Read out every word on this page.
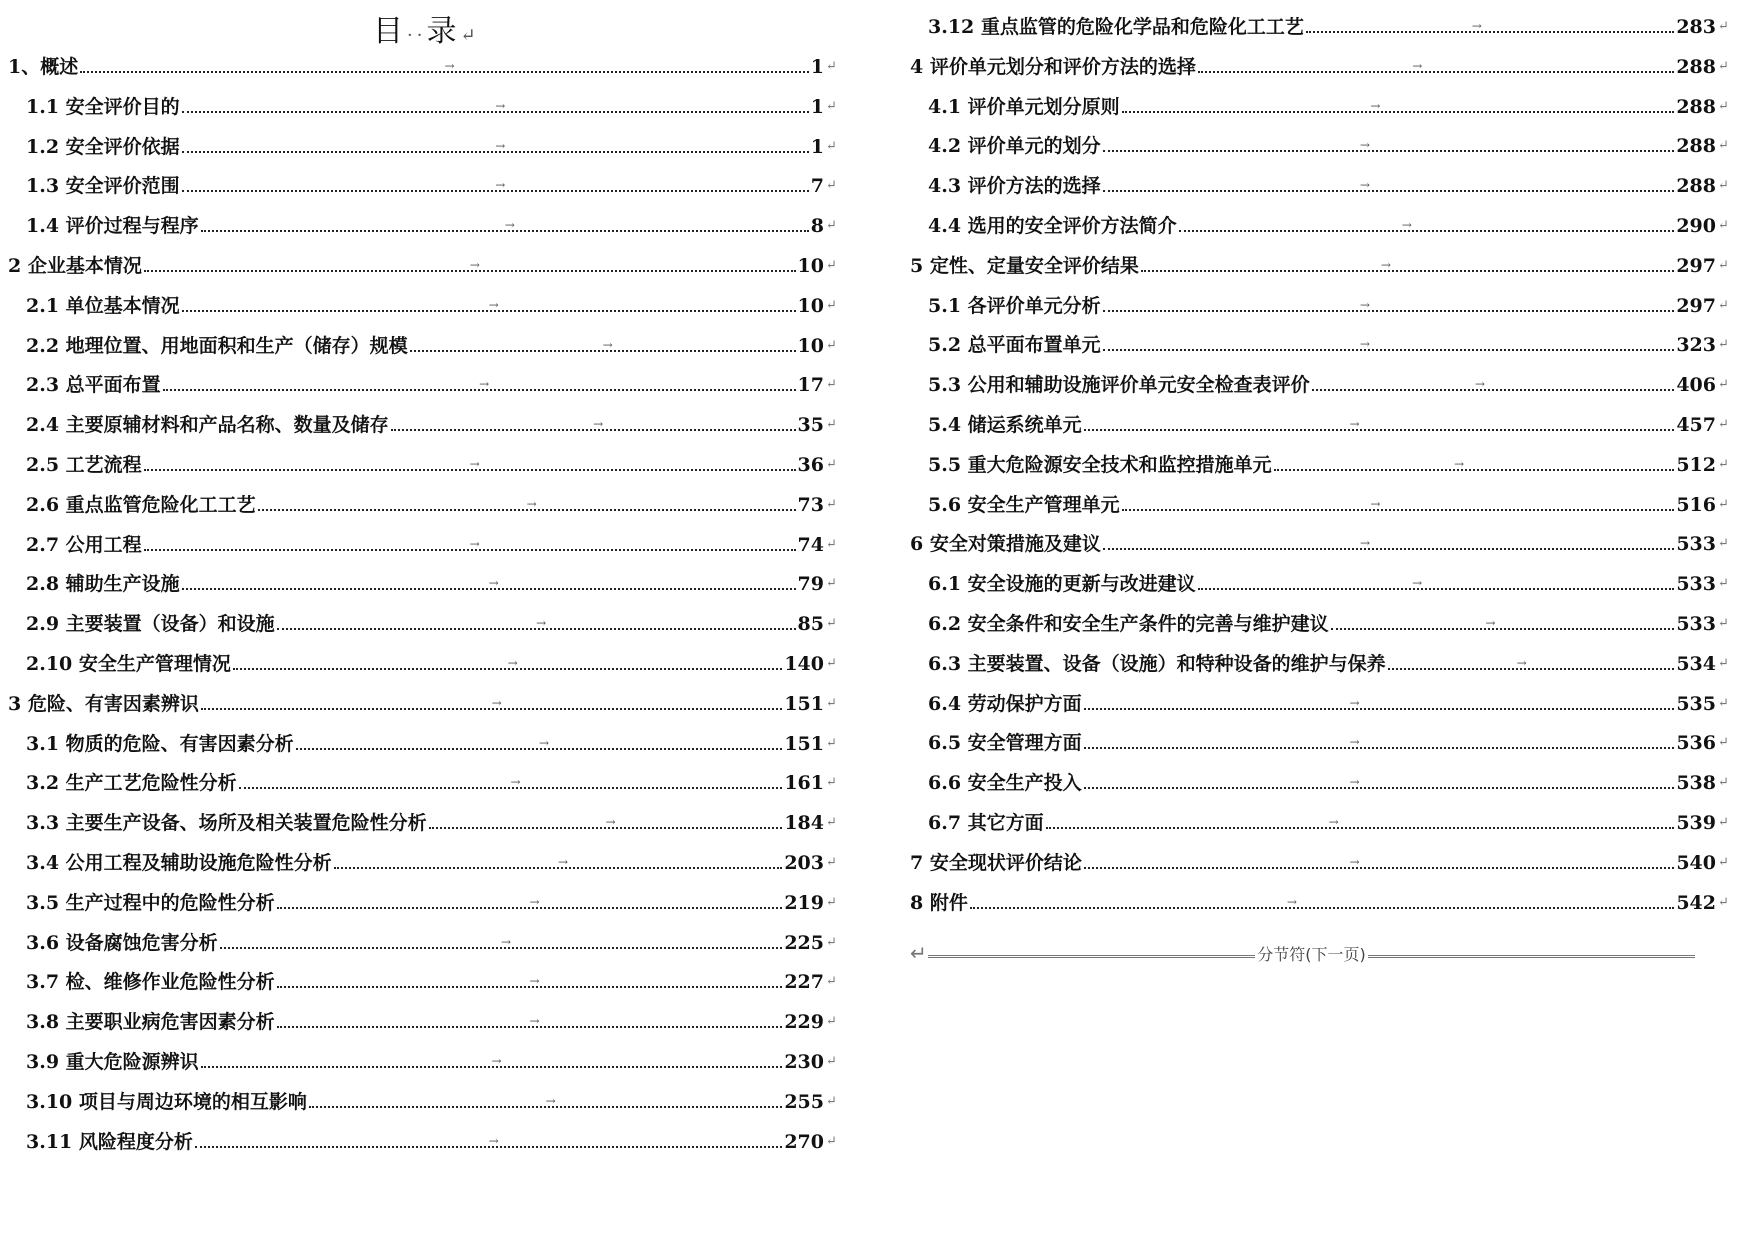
目··录↵
1、概述	→	1 ↵
1.1 安全评价目的	→	1 ↵
1.2 安全评价依据	→	1 ↵
1.3 安全评价范围	→	7 ↵
1.4 评价过程与程序	→	8 ↵
2 企业基本情况	→	10 ↵
2.1 单位基本情况	→	10 ↵
2.2 地理位置、用地面积和生产（储存）规模	→	10 ↵
2.3 总平面布置	→	17 ↵
2.4 主要原辅材料和产品名称、数量及储存	→	35 ↵
2.5 工艺流程	→	36 ↵
2.6 重点监管危险化工工艺	→	73 ↵
2.7 公用工程	→	74 ↵
2.8 辅助生产设施	→	79 ↵
2.9 主要装置（设备）和设施	→	85 ↵
2.10 安全生产管理情况	→	140 ↵
3 危险、有害因素辨识	→	151 ↵
3.1 物质的危险、有害因素分析	→	151 ↵
3.2 生产工艺危险性分析	→	161 ↵
3.3 主要生产设备、场所及相关装置危险性分析	→	184 ↵
3.4 公用工程及辅助设施危险性分析	→	203 ↵
3.5 生产过程中的危险性分析	→	219 ↵
3.6 设备腐蚀危害分析	→	225 ↵
3.7 检、维修作业危险性分析	→	227 ↵
3.8 主要职业病危害因素分析	→	229 ↵
3.9 重大危险源辨识	→	230 ↵
3.10 项目与周边环境的相互影响	→	255 ↵
3.11 风险程度分析	→	270 ↵
3.12 重点监管的危险化学品和危险化工工艺	→	283 ↵
4 评价单元划分和评价方法的选择	→	288 ↵
4.1 评价单元划分原则	→	288 ↵
4.2 评价单元的划分	→	288 ↵
4.3 评价方法的选择	→	288 ↵
4.4 选用的安全评价方法简介	→	290 ↵
5 定性、定量安全评价结果	→	297 ↵
5.1 各评价单元分析	→	297 ↵
5.2 总平面布置单元	→	323 ↵
5.3 公用和辅助设施评价单元安全检查表评价	→	406 ↵
5.4 储运系统单元	→	457 ↵
5.5 重大危险源安全技术和监控措施单元	→	512 ↵
5.6 安全生产管理单元	→	516 ↵
6 安全对策措施及建议	→	533 ↵
6.1 安全设施的更新与改进建议	→	533 ↵
6.2 安全条件和安全生产条件的完善与维护建议	→	533 ↵
6.3 主要装置、设备（设施）和特种设备的维护与保养	→	534 ↵
6.4 劳动保护方面	→	535 ↵
6.5 安全管理方面	→	536 ↵
6.6 安全生产投入	→	538 ↵
6.7 其它方面	→	539 ↵
7 安全现状评价结论	→	540 ↵
8 附件	→	542 ↵
↵	分节符(下一页)
